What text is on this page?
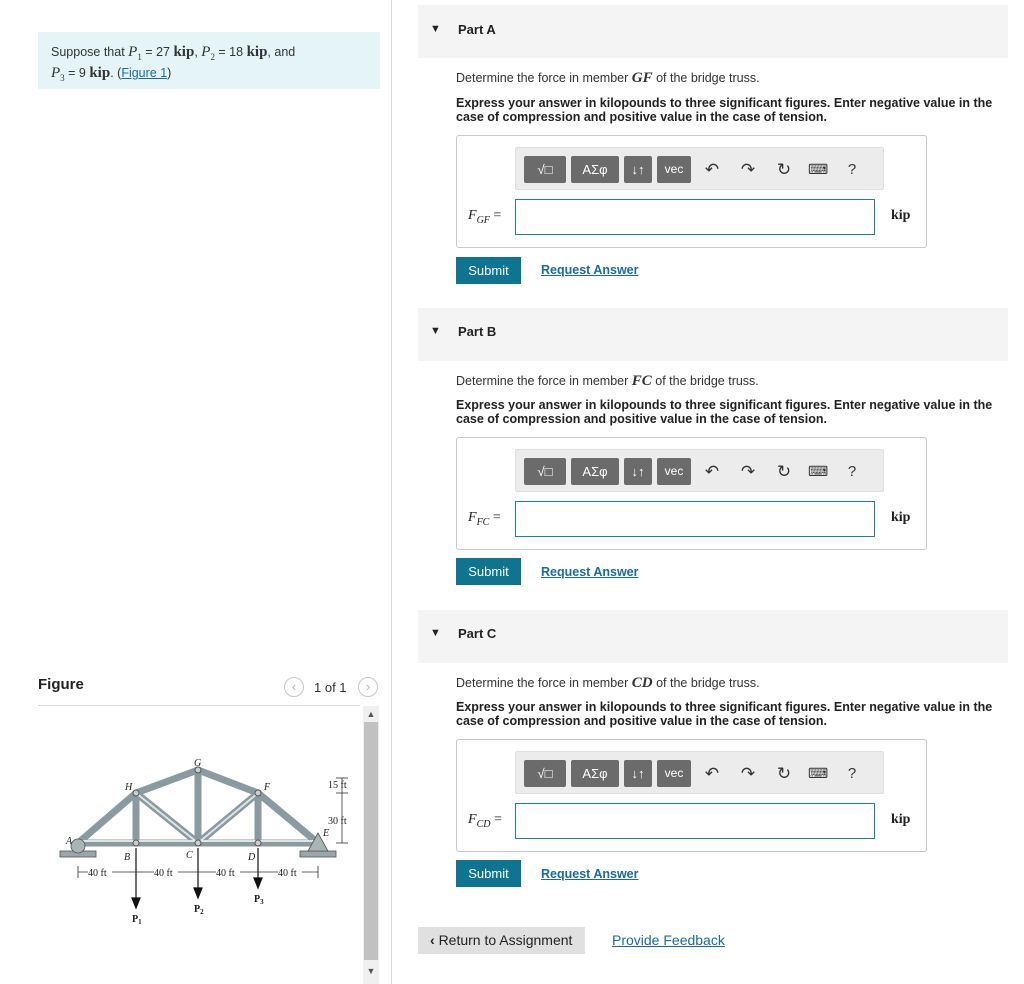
Suppose that $P_1 = 27$ kip, $P_2 = 18$ kip, and
$P_3 = 9$ kip. (Figure 1)
Figure	‹	1 of 1	›
▲
▼
A
B	C	D
E
F
G
H
40 ft	40 ft	40 ft	40 ft
15 ft
30 ft
$P_1$
$P_2$
$P_3$
▼ Part A
Determine the force in member GF of the bridge truss.
Express your answer in kilopounds to three significant figures. Enter negative value in the case of compression and positive value in the case of tension.
√□	ΑΣφ	↓↑	vec	↶ ↷ ↻ ⌨	?
$F_{GF}$ =	kip
Submit	Request Answer
▼ Part B
Determine the force in member FC of the bridge truss.
Express your answer in kilopounds to three significant figures. Enter negative value in the case of compression and positive value in the case of tension.
√□	ΑΣφ	↓↑	vec	↶ ↷ ↻ ⌨	?
$F_{FC}$ =	kip
Submit	Request Answer
▼ Part C
Determine the force in member CD of the bridge truss.
Express your answer in kilopounds to three significant figures. Enter negative value in the case of compression and positive value in the case of tension.
√□	ΑΣφ	↓↑	vec	↶ ↷ ↻ ⌨	?
$F_{CD}$ =	kip
Submit	Request Answer
‹ Return to Assignment	Provide Feedback
